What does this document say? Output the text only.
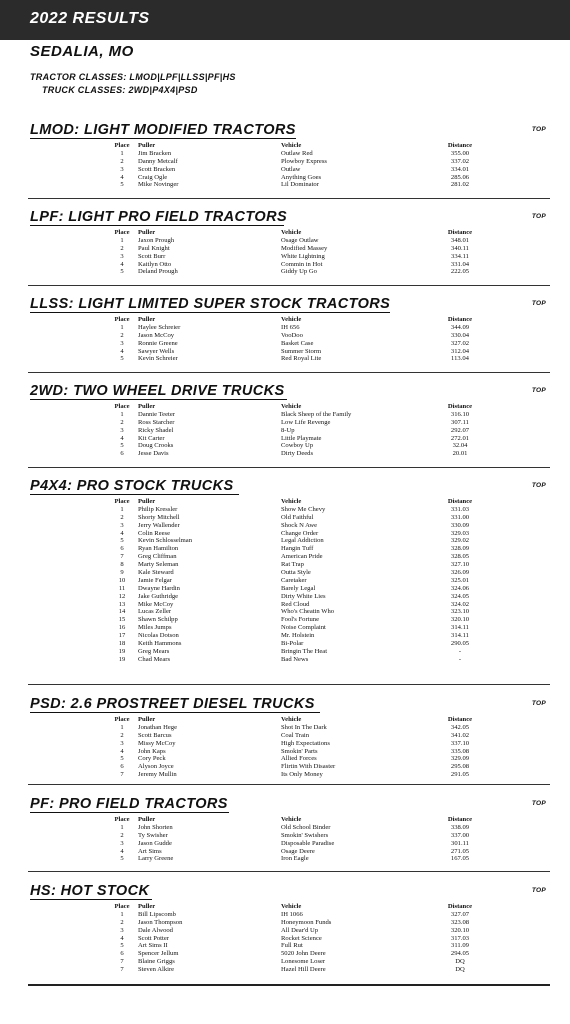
2022 RESULTS
SEDALIA, MO
TRACTOR CLASSES: LMOD|LPF|LLSS|PF|HS
TRUCK CLASSES: 2WD|P4X4|PSD
LMOD: LIGHT MODIFIED TRACTORS	TOP
Place	Puller	Vehicle	Distance
1	Jim Bracken	Outlaw Red	355.00
2	Danny Metcalf	Plowboy Express	337.02
3	Scott Bracken	Outlaw	334.01
4	Craig Ogle	Anything Goes	285.06
5	Mike Novinger	Lil Dominator	281.02
LPF: LIGHT PRO FIELD TRACTORS	TOP
Place	Puller	Vehicle	Distance
1	Jaxon Prough	Osage Outlaw	348.01
2	Paul Knight	Modified Massey	340.11
3	Scott Burr	White Lightning	334.11
4	Kaitlyn Otto	Commin in Hot	331.04
5	Deland Prough	Giddy Up Go	222.05
LLSS: LIGHT LIMITED SUPER STOCK TRACTORS	TOP
Place	Puller	Vehicle	Distance
1	Haylee Schreier	IH 656	344.09
2	Jason McCoy	VooDoo	330.04
3	Ronnie Greene	Basket Case	327.02
4	Sawyer Wells	Summer Storm	312.04
5	Kevin Schreier	Red Royal Lite	113.04
2WD: TWO WHEEL DRIVE TRUCKS	TOP
Place	Puller	Vehicle	Distance
1	Dannie Teeter	Black Sheep of the Family	316.10
2	Ross Starcher	Low Life Revenge	307.11
3	Ricky Shadel	8-Up	292.07
4	Kit Carter	Little Playmate	272.01
5	Doug Crooks	Cowboy Up	32.04
6	Jesse Davis	Dirty Deeds	20.01
P4X4: PRO STOCK TRUCKS	TOP
Place	Puller	Vehicle	Distance
1	Philip Kressler	Show Me Chevy	331.03
2	Shorty Mitchell	Old Faithful	331.00
3	Jerry Wallender	Shock N Awe	330.09
4	Colin Reese	Change Order	329.03
5	Kevin Schlosselman	Legal Addiction	329.02
6	Ryan Hamilton	Hangin Tuff	328.09
7	Greg Cliffman	American Pride	328.05
8	Marty Seleman	Rat Trap	327.10
9	Kale Steward	Outta Style	326.09
10	Jamie Felgar	Caretaker	325.01
11	Dwayne Hardin	Barely Legal	324.06
12	Jake Guthridge	Dirty White Lies	324.05
13	Mike McCoy	Red Cloud	324.02
14	Lucas Zeller	Who's Cheatin Who	323.10
15	Shawn Schilpp	Fool's Fortune	320.10
16	Miles Jumps	Noise Complaint	314.11
17	Nicolas Dotson	Mr. Holstein	314.11
18	Keith Hammons	Bi-Polar	290.05
19	Greg Mears	Bringin The Heat	-
19	Chad Mears	Bad News	-
PSD: 2.6 PROSTREET DIESEL TRUCKS	TOP
Place	Puller	Vehicle	Distance
1	Jonathan Hege	Shot In The Dark	342.05
2	Scott Barcus	Coal Train	341.02
3	Missy McCoy	High Expectations	337.10
4	John Kaps	Smokin' Parts	335.08
5	Cory Peck	Allied Forces	329.09
6	Alyson Joyce	Flirtin With Disaster	295.08
7	Jeremy Mullin	Its Only Money	291.05
PF: PRO FIELD TRACTORS	TOP
Place	Puller	Vehicle	Distance
1	John Shorten	Old School Binder	338.09
2	Ty Swisher	Smokin' Swishers	337.00
3	Jason Gudde	Disposable Paradise	301.11
4	Art Sims	Osage Deere	271.05
5	Larry Greene	Iron Eagle	167.05
HS: HOT STOCK	TOP
Place	Puller	Vehicle	Distance
1	Bill Lipscomb	IH 1066	327.07
2	Jason Thompson	Honeymoon Funds	323.08
3	Dale Alwood	All Dear'd Up	320.10
4	Scott Potter	Rocket Science	317.03
5	Art Sims II	Full Rut	311.09
6	Spencer Jellum	5020 John Deere	294.05
7	Blaine Griggs	Lonesome Loser	DQ
7	Steven Alkire	Hazel Hill Deere	DQ
